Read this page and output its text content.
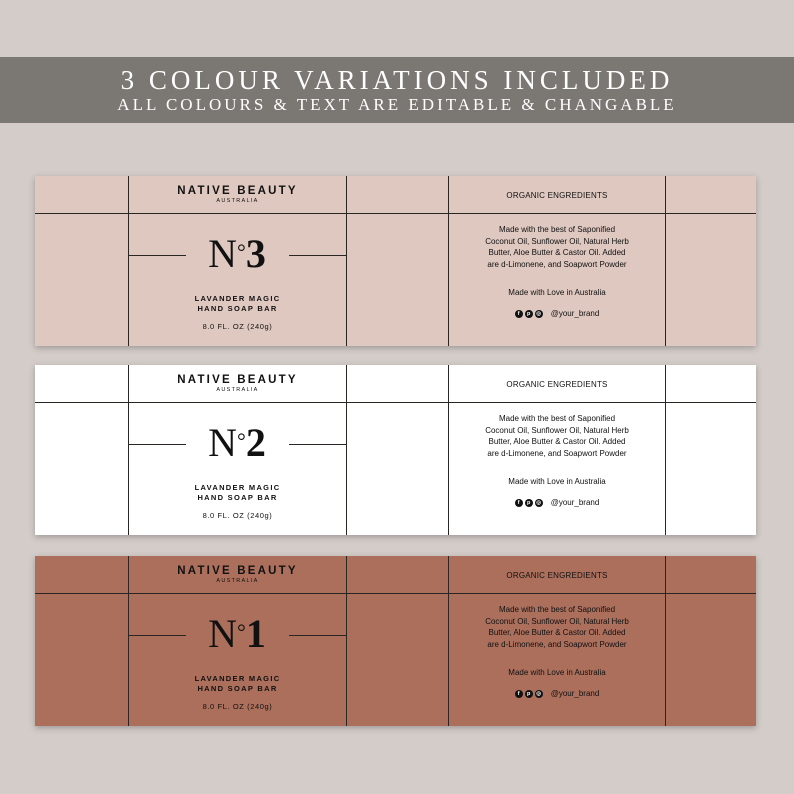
3 COLOUR VARIATIONS INCLUDED
ALL COLOURS & TEXT ARE EDITABLE & CHANGABLE
NATIVE BEAUTY
AUSTRALIA
N°3
LAVANDER MAGIC
HAND SOAP BAR
8.0 FL. OZ (240g)
ORGANIC ENGREDIENTS
Made with the best of Saponified
Coconut Oil, Sunflower Oil, Natural Herb
Butter, Aloe Butter & Castor Oil. Added
are d-Limonene, and Soapwort Powder
Made with Love in Australia
f	p	◎ @your_brand
NATIVE BEAUTY
AUSTRALIA
N°2
LAVANDER MAGIC
HAND SOAP BAR
8.0 FL. OZ (240g)
ORGANIC ENGREDIENTS
Made with the best of Saponified
Coconut Oil, Sunflower Oil, Natural Herb
Butter, Aloe Butter & Castor Oil. Added
are d-Limonene, and Soapwort Powder
Made with Love in Australia
f	p	◎ @your_brand
NATIVE BEAUTY
AUSTRALIA
N°1
LAVANDER MAGIC
HAND SOAP BAR
8.0 FL. OZ (240g)
ORGANIC ENGREDIENTS
Made with the best of Saponified
Coconut Oil, Sunflower Oil, Natural Herb
Butter, Aloe Butter & Castor Oil. Added
are d-Limonene, and Soapwort Powder
Made with Love in Australia
f	p	◎ @your_brand
